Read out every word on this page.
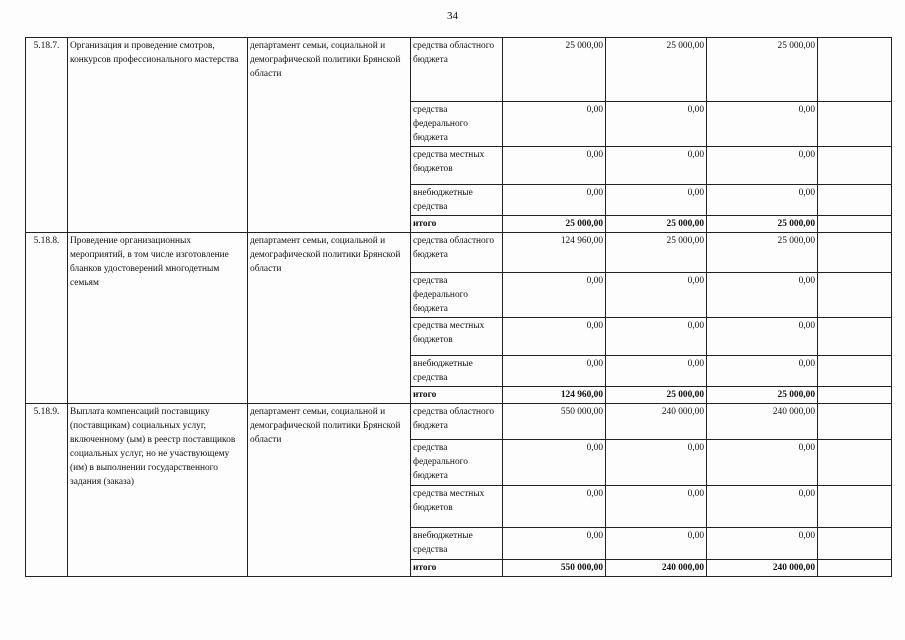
34
5.18.7.	Организация и проведение смотров, конкурсов профессионального мастерства	департамент семьи, социальной и демографической политики Брянской области	средства областного бюджета	25 000,00	25 000,00	25 000,00	
			средства федерального бюджета	0,00	0,00	0,00	
			средства местных бюджетов	0,00	0,00	0,00	
			внебюджетные средства	0,00	0,00	0,00	
			итого	25 000,00	25 000,00	25 000,00	
5.18.8.	Проведение организационных мероприятий, в том числе изготовление бланков удостоверений многодетным семьям	департамент семьи, социальной и демографической политики Брянской области	средства областного бюджета	124 960,00	25 000,00	25 000,00	
			средства федерального бюджета	0,00	0,00	0,00	
			средства местных бюджетов	0,00	0,00	0,00	
			внебюджетные средства	0,00	0,00	0,00	
			итого	124 960,00	25 000,00	25 000,00	
5.18.9.	Выплата компенсаций поставщику (поставщикам) социальных услуг, включенному (ым) в реестр поставщиков социальных услуг, но не участвующему (им) в выполнении государственного задания (заказа)	департамент семьи, социальной и демографической политики Брянской области	средства областного бюджета	550 000,00	240 000,00	240 000,00	
			средства федерального бюджета	0,00	0,00	0,00	
			средства местных бюджетов	0,00	0,00	0,00	
			внебюджетные средства	0,00	0,00	0,00	
			итого	550 000,00	240 000,00	240 000,00	
